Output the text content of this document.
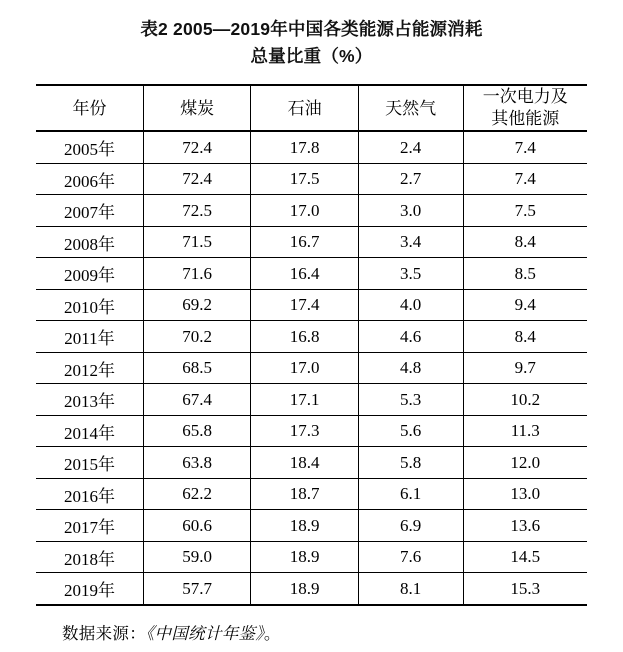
表2 2005—2019年中国各类能源占能源消耗
总量比重（%）
年份	煤炭	石油	天然气	一次电力及
其他能源

2005年	72.4	17.8	2.4	7.4
2006年	72.4	17.5	2.7	7.4
2007年	72.5	17.0	3.0	7.5
2008年	71.5	16.7	3.4	8.4
2009年	71.6	16.4	3.5	8.5
2010年	69.2	17.4	4.0	9.4
2011年	70.2	16.8	4.6	8.4
2012年	68.5	17.0	4.8	9.7
2013年	67.4	17.1	5.3	10.2
2014年	65.8	17.3	5.6	11.3
2015年	63.8	18.4	5.8	12.0
2016年	62.2	18.7	6.1	13.0
2017年	60.6	18.9	6.9	13.6
2018年	59.0	18.9	7.6	14.5
2019年	57.7	18.9	8.1	15.3
数据来源：《中国统计年鉴》。
